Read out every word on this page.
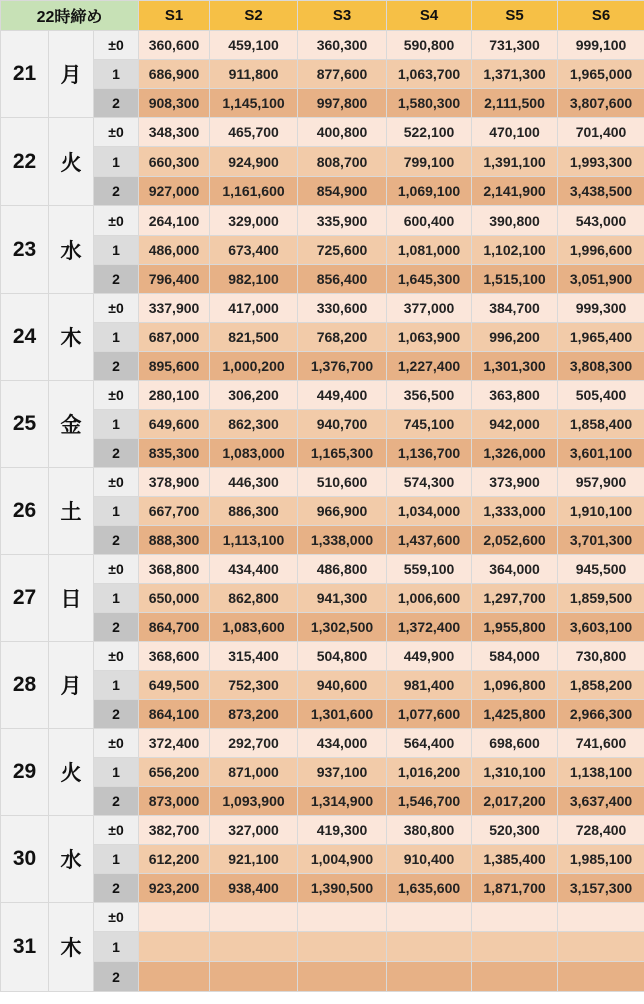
22時締め			S1	S2	S3	S4	S5	S6
21	月	±0	360,600	459,100	360,300	590,800	731,300	999,100
		1	686,900	911,800	877,600	1,063,700	1,371,300	1,965,000
		2	908,300	1,145,100	997,800	1,580,300	2,111,500	3,807,600
22	火	±0	348,300	465,700	400,800	522,100	470,100	701,400
		1	660,300	924,900	808,700	799,100	1,391,100	1,993,300
		2	927,000	1,161,600	854,900	1,069,100	2,141,900	3,438,500
23	水	±0	264,100	329,000	335,900	600,400	390,800	543,000
		1	486,000	673,400	725,600	1,081,000	1,102,100	1,996,600
		2	796,400	982,100	856,400	1,645,300	1,515,100	3,051,900
24	木	±0	337,900	417,000	330,600	377,000	384,700	999,300
		1	687,000	821,500	768,200	1,063,900	996,200	1,965,400
		2	895,600	1,000,200	1,376,700	1,227,400	1,301,300	3,808,300
25	金	±0	280,100	306,200	449,400	356,500	363,800	505,400
		1	649,600	862,300	940,700	745,100	942,000	1,858,400
		2	835,300	1,083,000	1,165,300	1,136,700	1,326,000	3,601,100
26	土	±0	378,900	446,300	510,600	574,300	373,900	957,900
		1	667,700	886,300	966,900	1,034,000	1,333,000	1,910,100
		2	888,300	1,113,100	1,338,000	1,437,600	2,052,600	3,701,300
27	日	±0	368,800	434,400	486,800	559,100	364,000	945,500
		1	650,000	862,800	941,300	1,006,600	1,297,700	1,859,500
		2	864,700	1,083,600	1,302,500	1,372,400	1,955,800	3,603,100
28	月	±0	368,600	315,400	504,800	449,900	584,000	730,800
		1	649,500	752,300	940,600	981,400	1,096,800	1,858,200
		2	864,100	873,200	1,301,600	1,077,600	1,425,800	2,966,300
29	火	±0	372,400	292,700	434,000	564,400	698,600	741,600
		1	656,200	871,000	937,100	1,016,200	1,310,100	1,138,100
		2	873,000	1,093,900	1,314,900	1,546,700	2,017,200	3,637,400
30	水	±0	382,700	327,000	419,300	380,800	520,300	728,400
		1	612,200	921,100	1,004,900	910,400	1,385,400	1,985,100
		2	923,200	938,400	1,390,500	1,635,600	1,871,700	3,157,300
31	木	±0						
		1						
		2						
